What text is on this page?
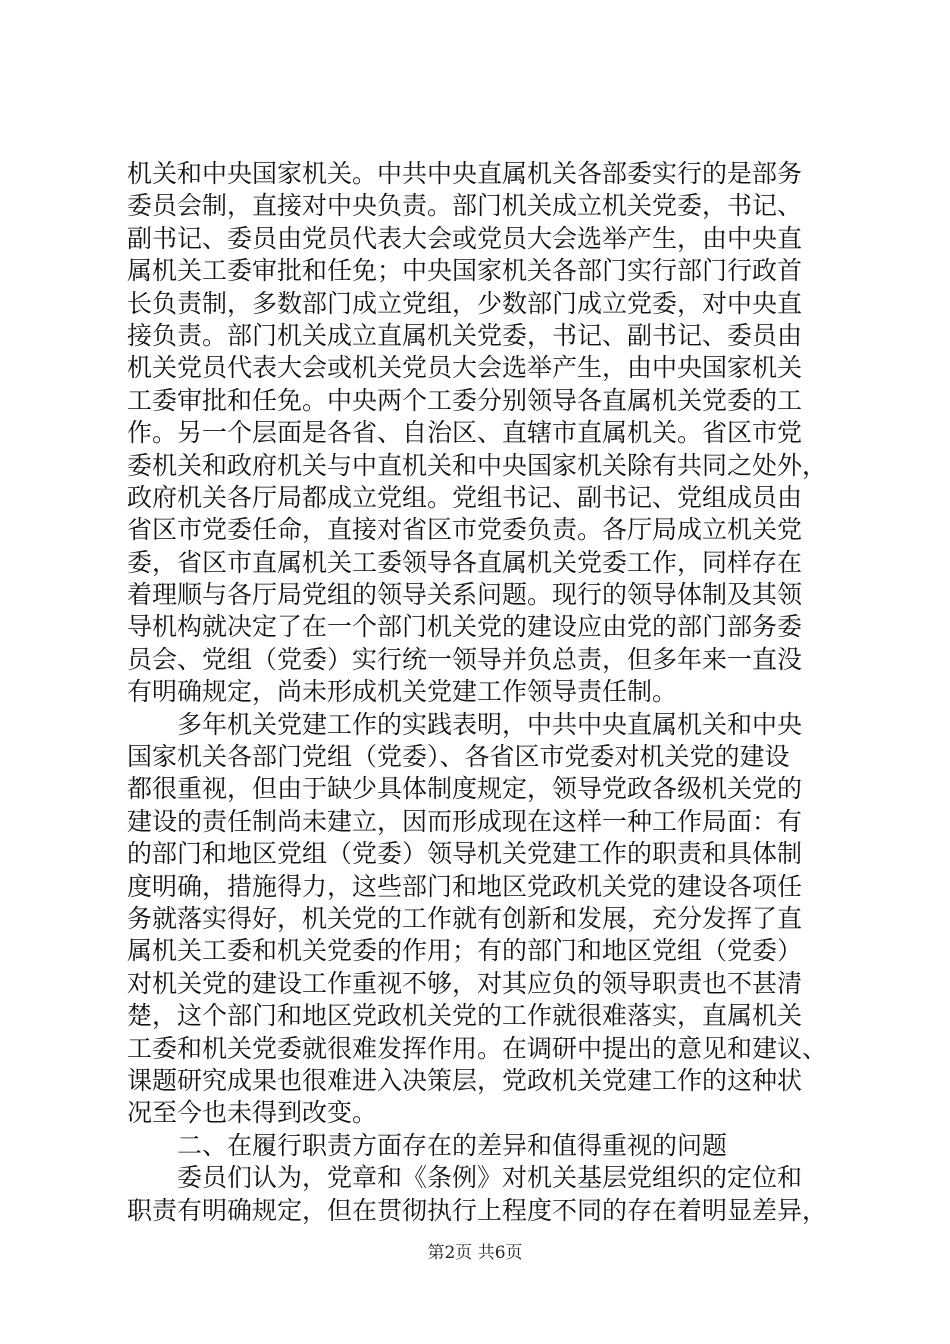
机关和中央国家机关。中共中央直属机关各部委实行的是部务
委员会制，直接对中央负责。部门机关成立机关党委，书记、
副书记、委员由党员代表大会或党员大会选举产生，由中央直
属机关工委审批和任免；中央国家机关各部门实行部门行政首
长负责制，多数部门成立党组，少数部门成立党委，对中央直
接负责。部门机关成立直属机关党委，书记、副书记、委员由
机关党员代表大会或机关党员大会选举产生，由中央国家机关
工委审批和任免。中央两个工委分别领导各直属机关党委的工
作。另一个层面是各省、自治区、直辖市直属机关。省区市党
委机关和政府机关与中直机关和中央国家机关除有共同之处外，
政府机关各厅局都成立党组。党组书记、副书记、党组成员由
省区市党委任命，直接对省区市党委负责。各厅局成立机关党
委，省区市直属机关工委领导各直属机关党委工作，同样存在
着理顺与各厅局党组的领导关系问题。现行的领导体制及其领
导机构就决定了在一个部门机关党的建设应由党的部门部务委
员会、党组（党委）实行统一领导并负总责，但多年来一直没
有明确规定，尚未形成机关党建工作领导责任制。
多年机关党建工作的实践表明，中共中央直属机关和中央
国家机关各部门党组（党委）、各省区市党委对机关党的建设
都很重视，但由于缺少具体制度规定，领导党政各级机关党的
建设的责任制尚未建立，因而形成现在这样一种工作局面：有
的部门和地区党组（党委）领导机关党建工作的职责和具体制
度明确，措施得力，这些部门和地区党政机关党的建设各项任
务就落实得好，机关党的工作就有创新和发展，充分发挥了直
属机关工委和机关党委的作用；有的部门和地区党组（党委）
对机关党的建设工作重视不够，对其应负的领导职责也不甚清
楚，这个部门和地区党政机关党的工作就很难落实，直属机关
工委和机关党委就很难发挥作用。在调研中提出的意见和建议、
课题研究成果也很难进入决策层，党政机关党建工作的这种状
况至今也未得到改变。
二、在履行职责方面存在的差异和值得重视的问题
委员们认为，党章和《条例》对机关基层党组织的定位和
职责有明确规定，但在贯彻执行上程度不同的存在着明显差异，
第2页 共6页
